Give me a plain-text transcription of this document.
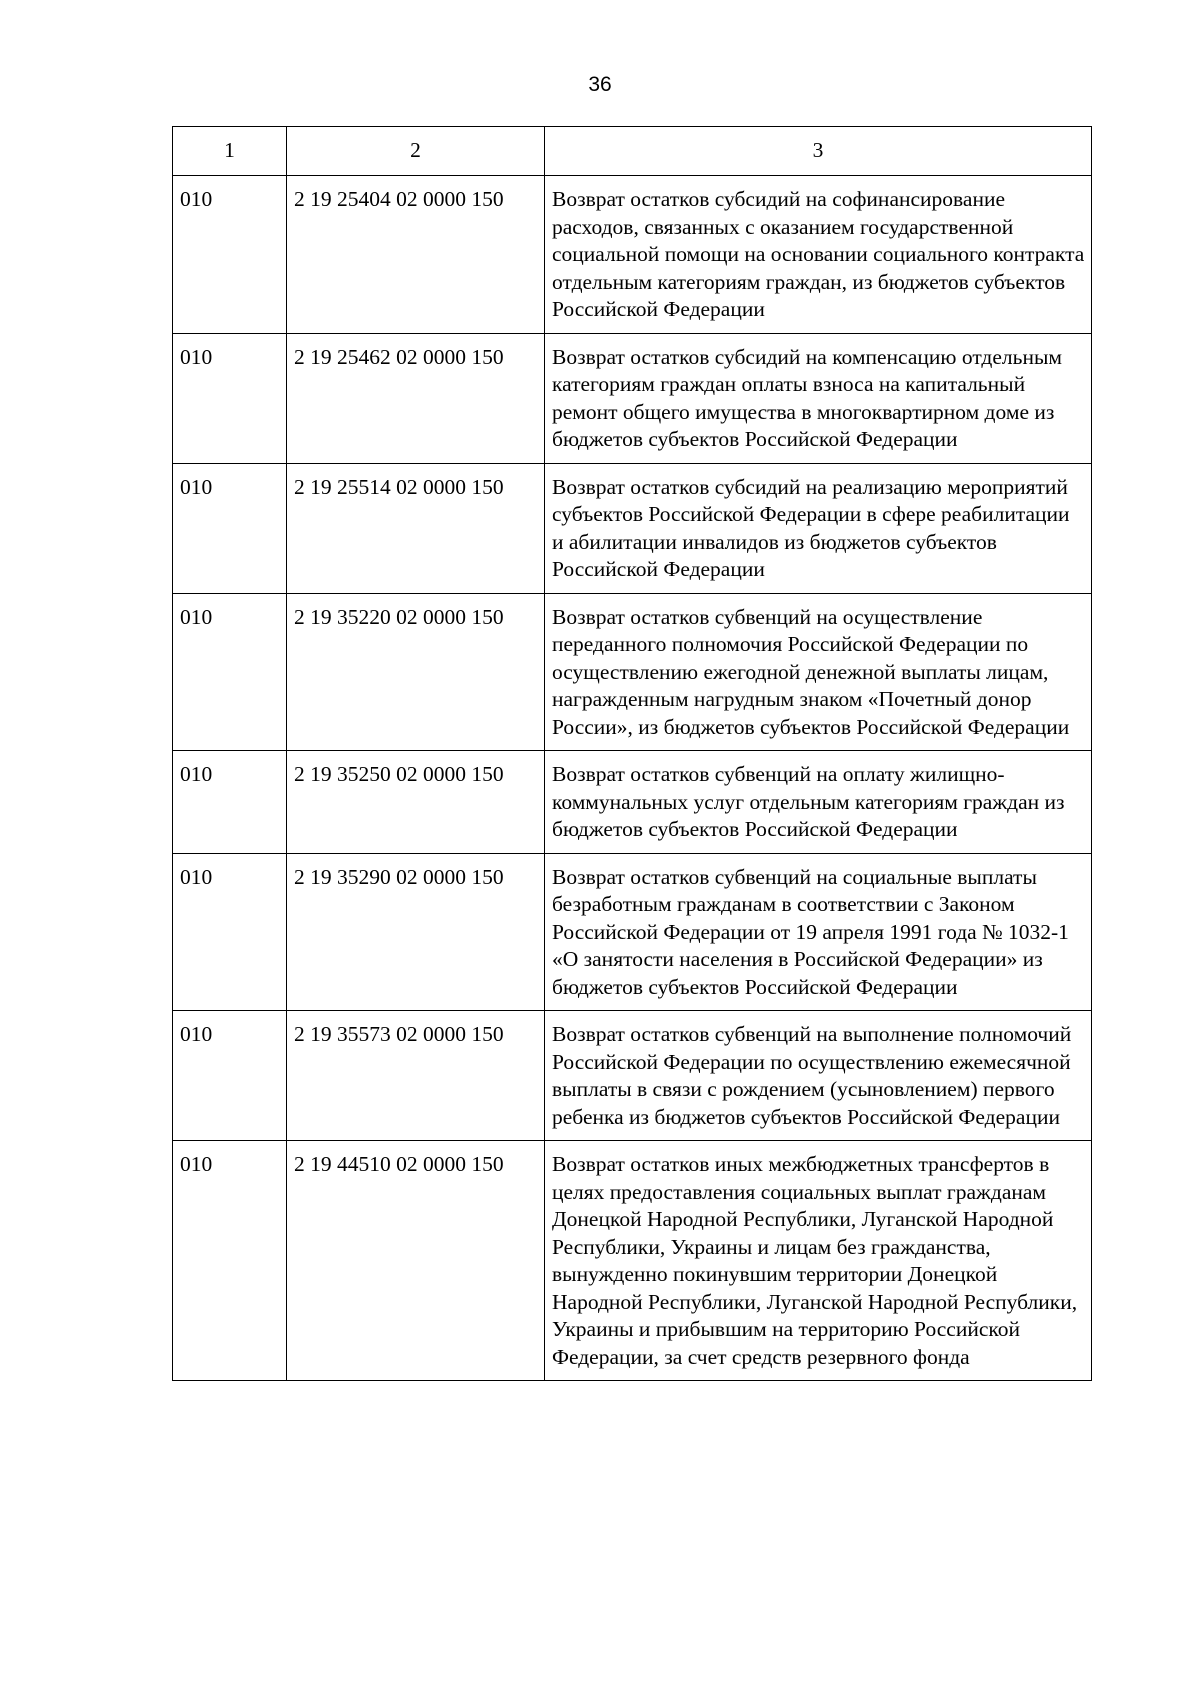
36
1	2	3
010	2 19 25404 02 0000 150	Возврат остатков субсидий на софинансирование расходов, связанных с оказанием государственной социальной помощи на основании социального контракта отдельным категориям граждан, из бюджетов субъектов Российской Федерации
010	2 19 25462 02 0000 150	Возврат остатков субсидий на компенсацию отдельным категориям граждан оплаты взноса на капитальный ремонт общего имущества в многоквартирном доме из бюджетов субъектов Российской Федерации
010	2 19 25514 02 0000 150	Возврат остатков субсидий на реализацию мероприятий субъектов Российской Федерации в сфере реабилитации и абилитации инвалидов из бюджетов субъектов Российской Федерации
010	2 19 35220 02 0000 150	Возврат остатков субвенций на осуществление переданного полномочия Российской Федерации по осуществлению ежегодной денежной выплаты лицам, награжденным нагрудным знаком «Почетный донор России», из бюджетов субъектов Российской Федерации
010	2 19 35250 02 0000 150	Возврат остатков субвенций на оплату жилищно-коммунальных услуг отдельным категориям граждан из бюджетов субъектов Российской Федерации
010	2 19 35290 02 0000 150	Возврат остатков субвенций на социальные выплаты безработным гражданам в соответствии с Законом Российской Федерации от 19 апреля 1991 года № 1032-1 «О занятости населения в Российской Федерации» из бюджетов субъектов Российской Федерации
010	2 19 35573 02 0000 150	Возврат остатков субвенций на выполнение полномочий Российской Федерации по осуществлению ежемесячной выплаты в связи с рождением (усыновлением) первого ребенка из бюджетов субъектов Российской Федерации
010	2 19 44510 02 0000 150	Возврат остатков иных межбюджетных трансфертов в целях предоставления социальных выплат гражданам Донецкой Народной Республики, Луганской Народной Республики, Украины и лицам без гражданства, вынужденно покинувшим территории Донецкой Народной Республики, Луганской Народной Республики, Украины и прибывшим на территорию Российской Федерации, за счет средств резервного фонда
